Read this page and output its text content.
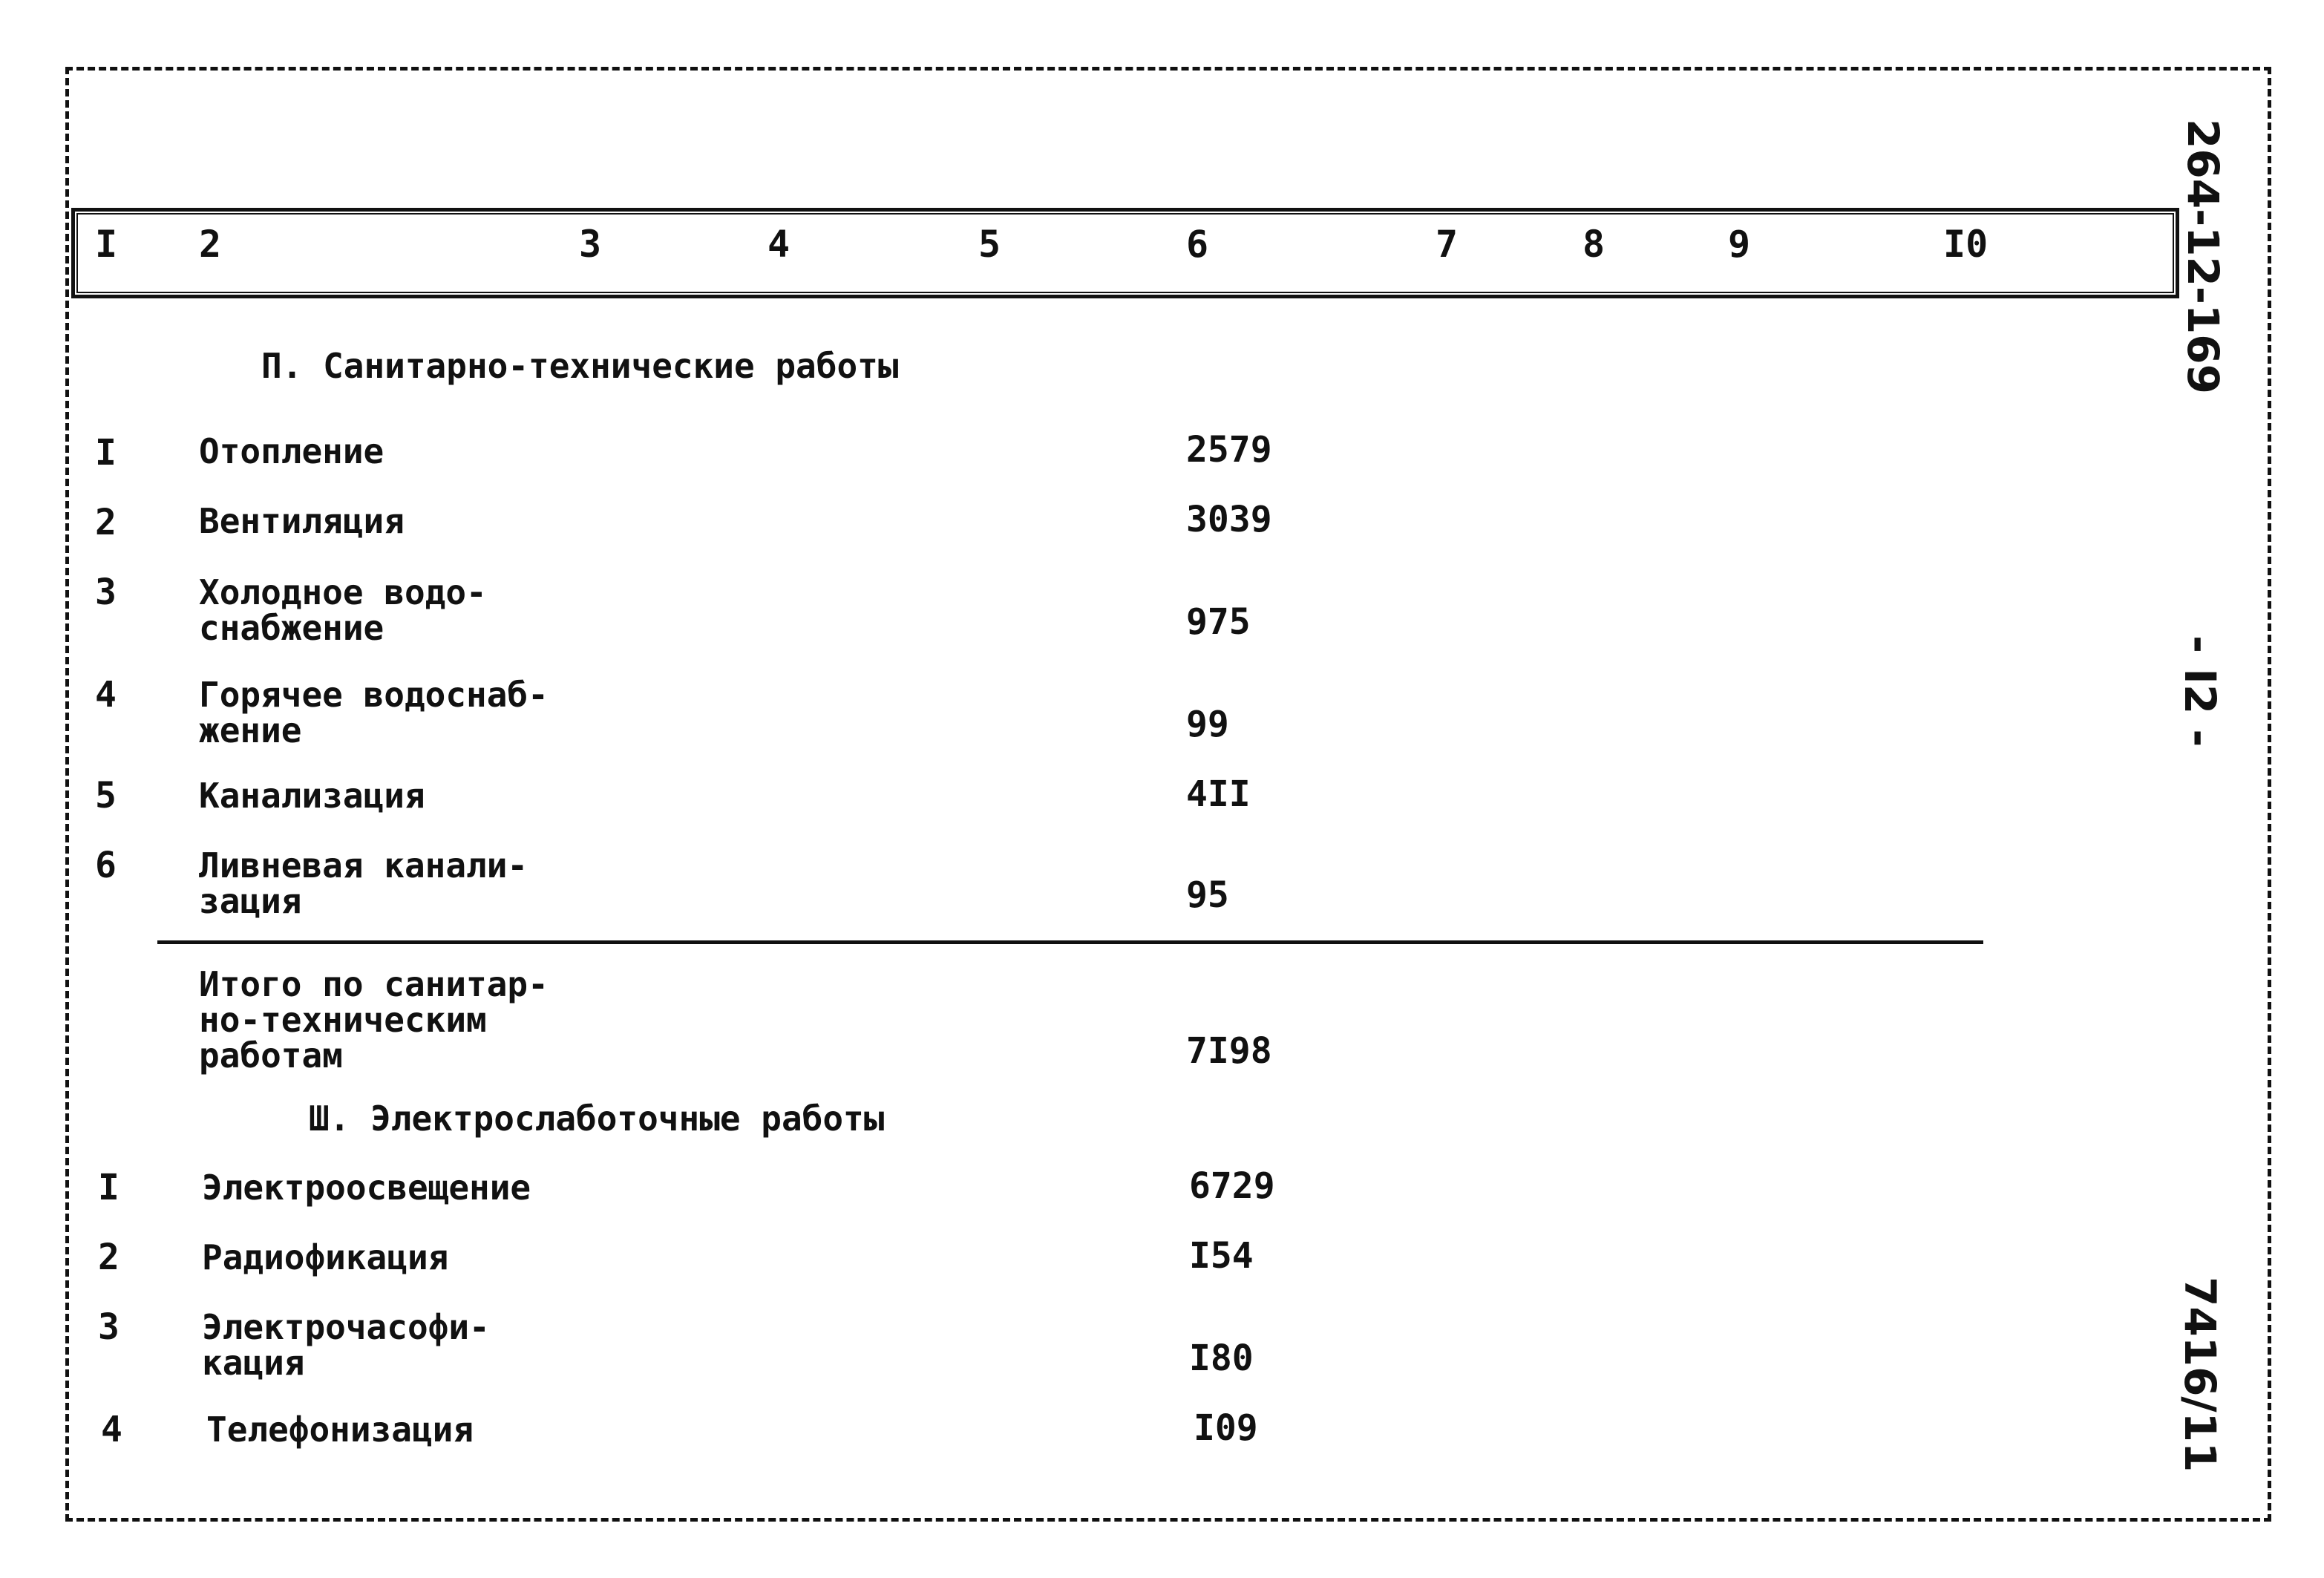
I 2	3	4	5	6	7	8	9	I0
П. Санитарно-технические работы
I Отопление	2579
2 Вентиляция	3039
3 Холодное водо-
снабжение	975
4 Горячее водоснаб-
жение	99
5 Канализация	4II
6 Ливневая канали-
зация	95
Итого по санитар-
но-техническим
работам	7I98
Ш. Электрослаботочные работы
I Электроосвещение	6729
2 Радиофикация	I54
3 Электрочасофи-
кация	I80
4 Телефонизация	I09
264-12-169
- I2 -
7416/11
